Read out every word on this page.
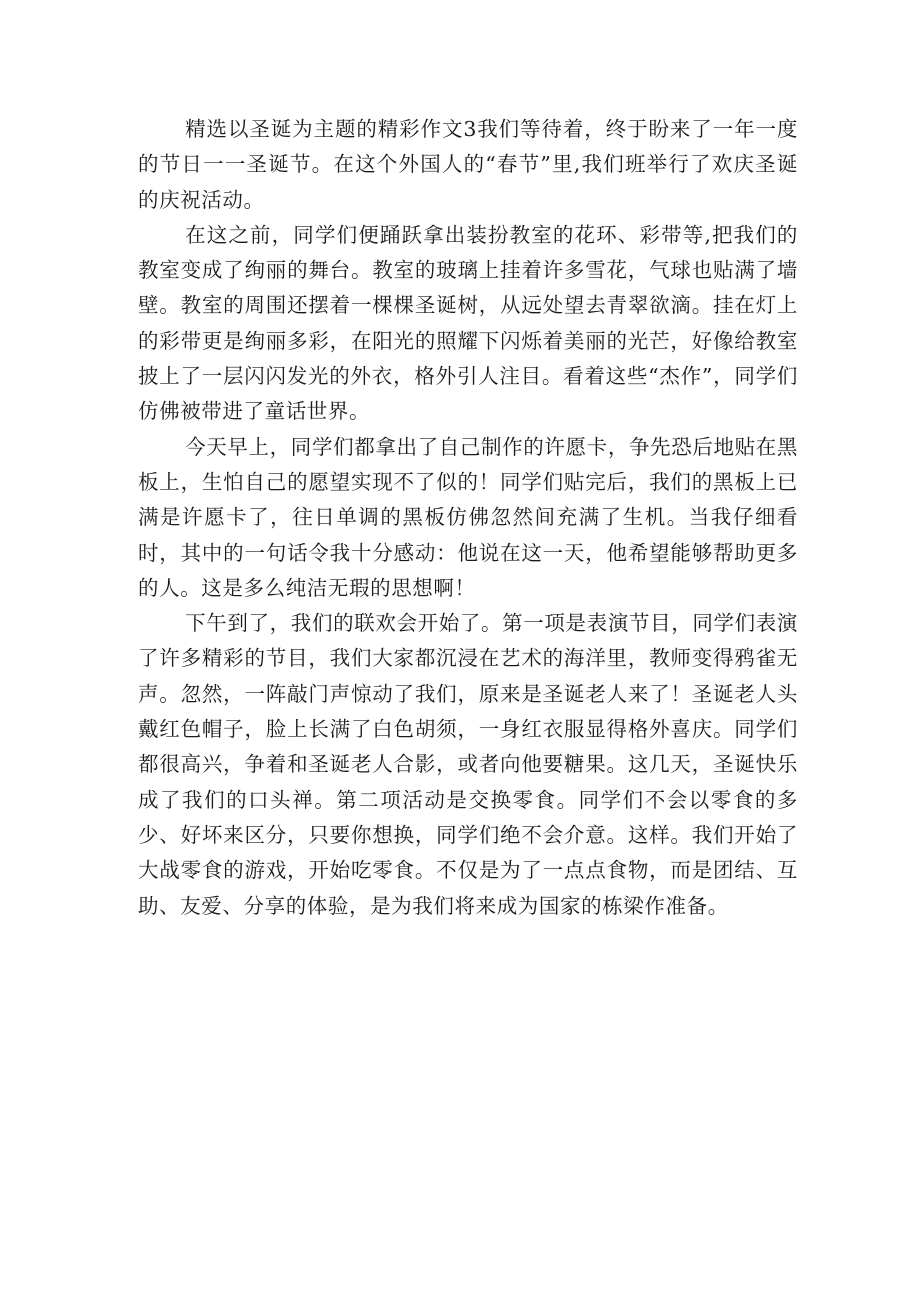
精选以圣诞为主题的精彩作文3我们等待着，终于盼来了一年一度的节日一一圣诞节。在这个外国人的“春节”里,我们班举行了欢庆圣诞的庆祝活动。

在这之前，同学们便踊跃拿出装扮教室的花环、彩带等,把我们的教室变成了绚丽的舞台。教室的玻璃上挂着许多雪花，气球也贴满了墙壁。教室的周围还摆着一棵棵圣诞树，从远处望去青翠欲滴。挂在灯上的彩带更是绚丽多彩，在阳光的照耀下闪烁着美丽的光芒，好像给教室披上了一层闪闪发光的外衣，格外引人注目。看着这些“杰作”，同学们仿佛被带进了童话世界。

今天早上，同学们都拿出了自己制作的许愿卡，争先恐后地贴在黑板上，生怕自己的愿望实现不了似的！同学们贴完后，我们的黑板上已满是许愿卡了，往日单调的黑板仿佛忽然间充满了生机。当我仔细看时，其中的一句话令我十分感动：他说在这一天，他希望能够帮助更多的人。这是多么纯洁无瑕的思想啊！

下午到了，我们的联欢会开始了。第一项是表演节目，同学们表演了许多精彩的节目，我们大家都沉浸在艺术的海洋里，教师变得鸦雀无声。忽然，一阵敲门声惊动了我们，原来是圣诞老人来了！圣诞老人头戴红色帽子，脸上长满了白色胡须，一身红衣服显得格外喜庆。同学们都很高兴，争着和圣诞老人合影，或者向他要糖果。这几天，圣诞快乐成了我们的口头禅。第二项活动是交换零食。同学们不会以零食的多少、好坏来区分，只要你想换，同学们绝不会介意。这样。我们开始了大战零食的游戏，开始吃零食。不仅是为了一点点食物，而是团结、互助、友爱、分享的体验，是为我们将来成为国家的栋梁作准备。
